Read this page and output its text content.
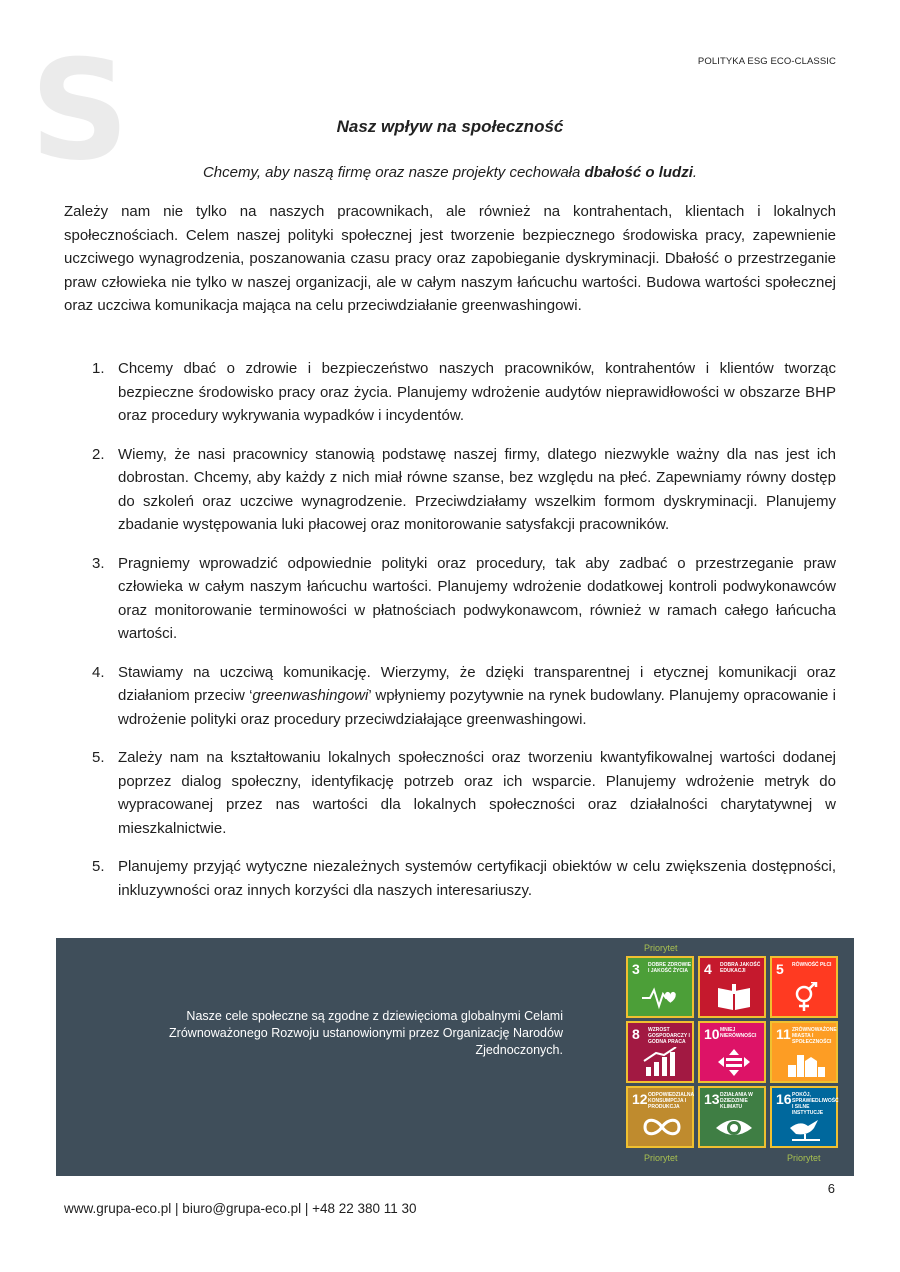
POLITYKA ESG ECO-CLASSIC
S	Nasz wpływ na społeczność
Chcemy, aby naszą firmę oraz nasze projekty cechowała dbałość o ludzi.
Zależy nam nie tylko na naszych pracownikach, ale również na kontrahentach, klientach i lokalnych społecznościach. Celem naszej polityki społecznej jest tworzenie bezpiecznego środowiska pracy, zapewnienie uczciwego wynagrodzenia, poszanowania czasu pracy oraz zapobieganie dyskryminacji. Dbałość o przestrzeganie praw człowieka nie tylko w naszej organizacji, ale w całym naszym łańcuchu wartości. Budowa wartości społecznej oraz uczciwa komunikacja mająca na celu przeciwdziałanie greenwashingowi.
1. Chcemy dbać o zdrowie i bezpieczeństwo naszych pracowników, kontrahentów i klientów tworząc bezpieczne środowisko pracy oraz życia. Planujemy wdrożenie audytów nieprawidłowości w obszarze BHP oraz procedury wykrywania wypadków i incydentów.
2. Wiemy, że nasi pracownicy stanowią podstawę naszej firmy, dlatego niezwykle ważny dla nas jest ich dobrostan. Chcemy, aby każdy z nich miał równe szanse, bez względu na płeć. Zapewniamy równy dostęp do szkoleń oraz uczciwe wynagrodzenie. Przeciwdziałamy wszelkim formom dyskryminacji. Planujemy zbadanie występowania luki płacowej oraz monitorowanie satysfakcji pracowników.
3. Pragniemy wprowadzić odpowiednie polityki oraz procedury, tak aby zadbać o przestrzeganie praw człowieka w całym naszym łańcuchu wartości. Planujemy wdrożenie dodatkowej kontroli podwykonawców oraz monitorowanie terminowości w płatnościach podwykonawcom, również w ramach całego łańcucha wartości.
4. Stawiamy na uczciwą komunikację. Wierzymy, że dzięki transparentnej i etycznej komunikacji oraz działaniom przeciw ‘greenwashingowi’ wpłyniemy pozytywnie na rynek budowlany. Planujemy opracowanie i wdrożenie polityki oraz procedury przeciwdziałające greenwashingowi.
5. Zależy nam na kształtowaniu lokalnych społeczności oraz tworzeniu kwantyfikowalnej wartości dodanej poprzez dialog społeczny, identyfikację potrzeb oraz ich wsparcie. Planujemy wdrożenie metryk do wypracowanej przez nas wartości dla lokalnych społeczności oraz działalności charytatywnej w mieszkalnictwie.
5. Planujemy przyjąć wytyczne niezależnych systemów certyfikacji obiektów w celu zwiększenia dostępności, inkluzywności oraz innych korzyści dla naszych interesariuszy.
Nasze cele społeczne są zgodne z dziewięcioma globalnymi Celami Zrównoważonego Rozwoju ustanowionymi przez Organizację Narodów Zjednoczonych.
Priorytet
Priorytet	Priorytet
3 DOBRE ZDROWIE I JAKOŚĆ ŻYCIA 4 DOBRA JAKOŚĆ EDUKACJI	5 RÓWNOŚĆ PŁCI
8 WZROST GOSPODARCZY I GODNA PRACA	10 MNIEJ NIERÓWNOŚCI	11 ZRÓWNOWAŻONE MIASTA I SPOŁECZNOŚCI
12 ODPOWIEDZIALNA KONSUMPCJA I PRODUKCJA	13 DZIAŁANIA W DZIEDZINIE KLIMATU	16 POKÓJ, SPRAWIEDLIWOŚĆ I SILNE INSTYTUCJE
6
www.grupa-eco.pl | biuro@grupa-eco.pl | +48 22 380 11 30
